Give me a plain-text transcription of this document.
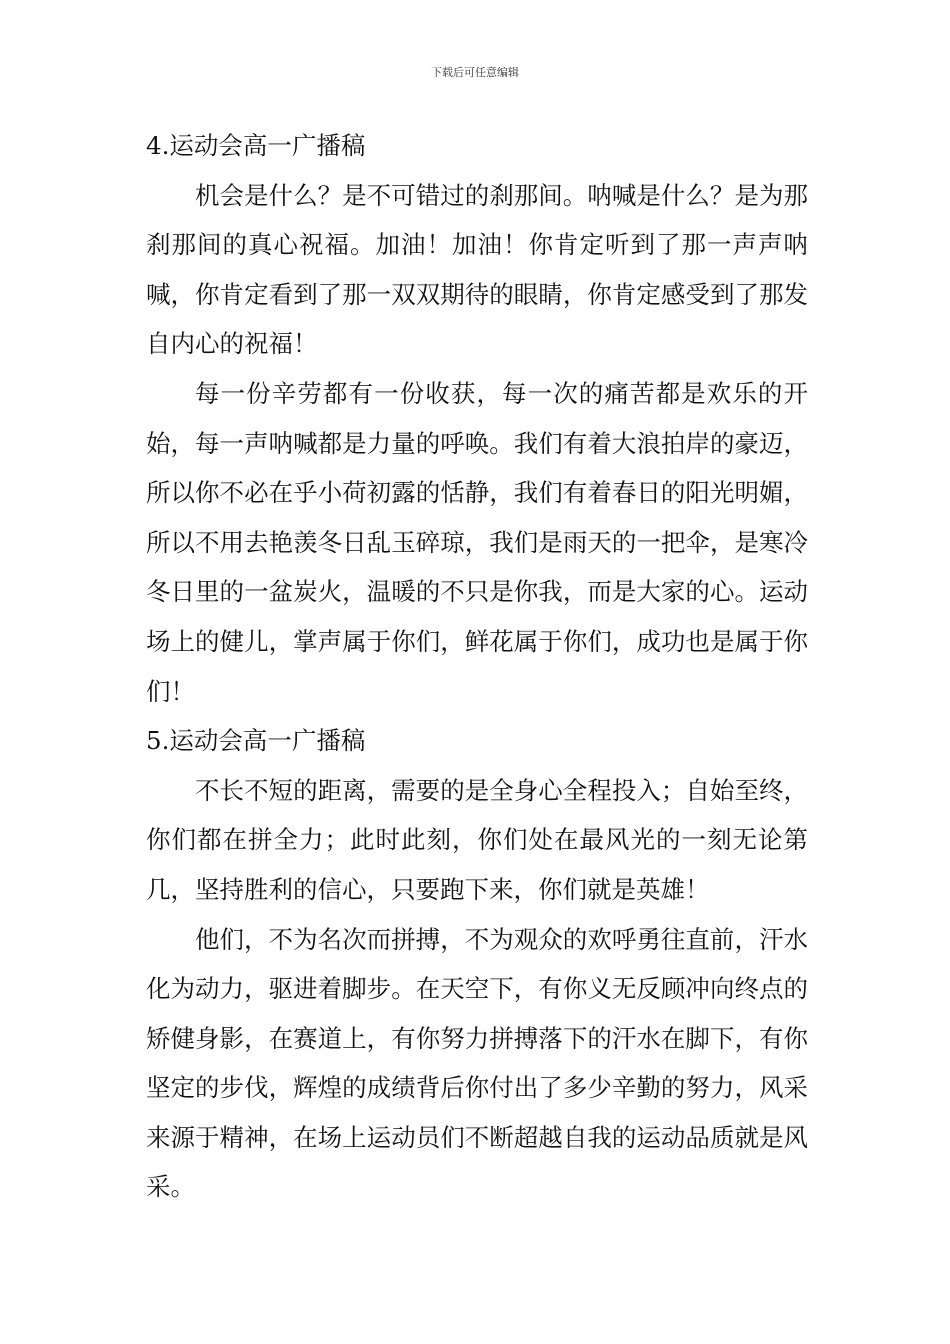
下载后可任意编辑

4.运动会高一广播稿

机会是什么？是不可错过的刹那间。呐喊是什么？是为那刹那间的真心祝福。加油！加油！你肯定听到了那一声声呐喊，你肯定看到了那一双双期待的眼睛，你肯定感受到了那发自内心的祝福！

每一份辛劳都有一份收获，每一次的痛苦都是欢乐的开始，每一声呐喊都是力量的呼唤。我们有着大浪拍岸的豪迈，所以你不必在乎小荷初露的恬静，我们有着春日的阳光明媚，所以不用去艳羡冬日乱玉碎琼，我们是雨天的一把伞，是寒冷冬日里的一盆炭火，温暖的不只是你我，而是大家的心。运动场上的健儿，掌声属于你们，鲜花属于你们，成功也是属于你们！

5.运动会高一广播稿

不长不短的距离，需要的是全身心全程投入；自始至终，你们都在拼全力；此时此刻，你们处在最风光的一刻无论第几，坚持胜利的信心，只要跑下来，你们就是英雄！

他们，不为名次而拼搏，不为观众的欢呼勇往直前，汗水化为动力，驱进着脚步。在天空下，有你义无反顾冲向终点的矫健身影，在赛道上，有你努力拼搏落下的汗水在脚下，有你坚定的步伐，辉煌的成绩背后你付出了多少辛勤的努力，风采来源于精神，在场上运动员们不断超越自我的运动品质就是风采。
